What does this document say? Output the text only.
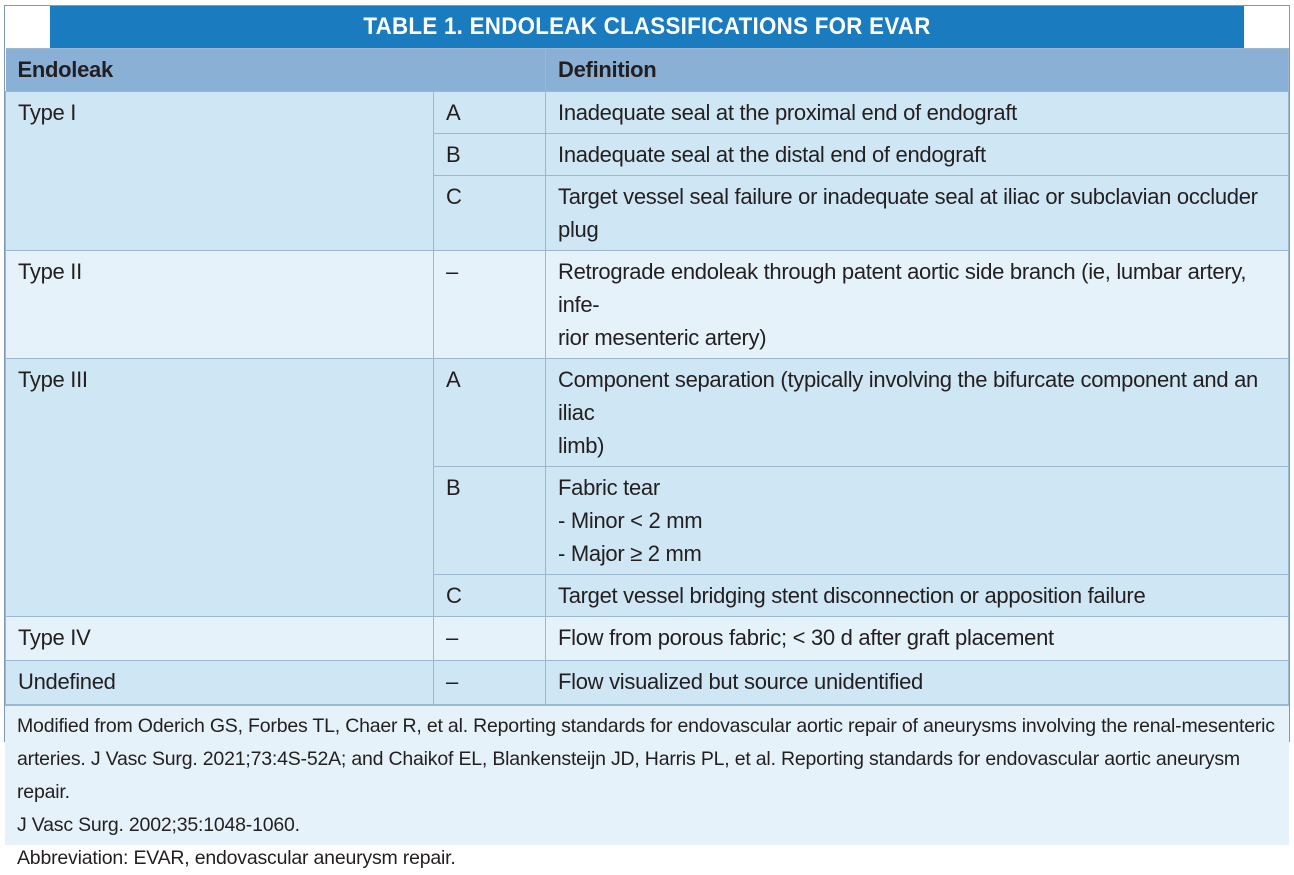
TABLE 1. ENDOLEAK CLASSIFICATIONS FOR EVAR
Endoleak		Definition
Type I	A	Inadequate seal at the proximal end of endograft
	B	Inadequate seal at the distal end of endograft
	C	Target vessel seal failure or inadequate seal at iliac or subclavian occluder plug
Type II	–	Retrograde endoleak through patent aortic side branch (ie, lumbar artery, infe-
rior mesenteric artery)
Type III	A	Component separation (typically involving the bifurcate component and an iliac
limb)
	B	Fabric tear
- Minor < 2 mm
- Major ≥ 2 mm
	C	Target vessel bridging stent disconnection or apposition failure
Type IV	–	Flow from porous fabric; < 30 d after graft placement
Undefined	–	Flow visualized but source unidentified

Modified from Oderich GS, Forbes TL, Chaer R, et al. Reporting standards for endovascular aortic repair of aneurysms involving the renal-mesenteric
arteries. J Vasc Surg. 2021;73:4S-52A; and Chaikof EL, Blankensteijn JD, Harris PL, et al. Reporting standards for endovascular aortic aneurysm repair.
J Vasc Surg. 2002;35:1048-1060.

Abbreviation: EVAR, endovascular aneurysm repair.
